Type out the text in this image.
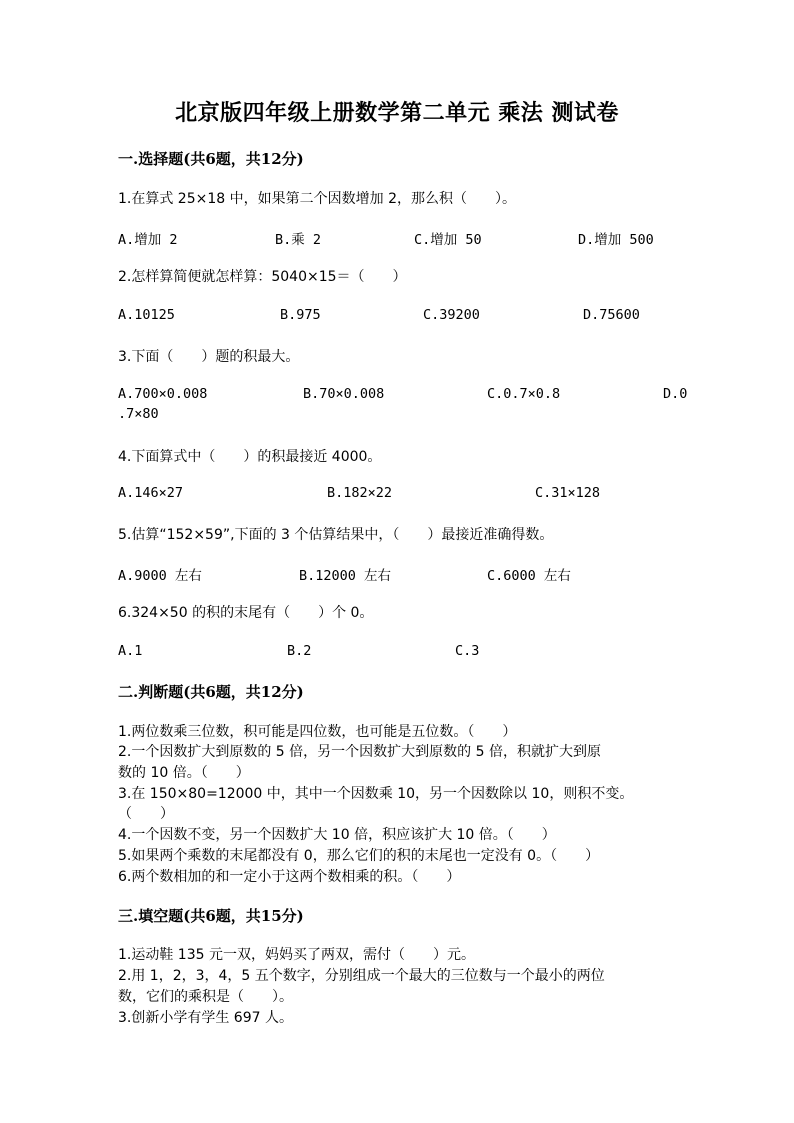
北京版四年级上册数学第二单元 乘法 测试卷
一.选择题(共6题，共12分)
1.在算式 25×18 中，如果第二个因数增加 2，那么积（　　）。
A.增加 2	B.乘 2	C.增加 50	D.增加 500
2.怎样算简便就怎样算：5040×15＝（　　）
A.10125	B.975	C.39200	D.75600
3.下面（　　）题的积最大。
A.700×0.008	B.70×0.008	C.0.7×0.8	D.0
.7×80
4.下面算式中（　　）的积最接近 4000。
A.146×27	B.182×22	C.31×128
5.估算“152×59”,下面的 3 个估算结果中，（　　）最接近准确得数。
A.9000 左右	B.12000 左右	C.6000 左右
6.324×50 的积的末尾有（　　）个 0。
A.1	B.2	C.3
二.判断题(共6题，共12分)
1.两位数乘三位数，积可能是四位数，也可能是五位数。（　　）
2.一个因数扩大到原数的 5 倍，另一个因数扩大到原数的 5 倍，积就扩大到原
数的 10 倍。（　　）
3.在 150×80=12000 中，其中一个因数乘 10，另一个因数除以 10，则积不变。
（　　）
4.一个因数不变，另一个因数扩大 10 倍，积应该扩大 10 倍。（　　）
5.如果两个乘数的末尾都没有 0，那么它们的积的末尾也一定没有 0。（　　）
6.两个数相加的和一定小于这两个数相乘的积。（　　）
三.填空题(共6题，共15分)
1.运动鞋 135 元一双，妈妈买了两双，需付（　　）元。
2.用 1，2，3，4，5 五个数字，分别组成一个最大的三位数与一个最小的两位
数，它们的乘积是（　　）。
3.创新小学有学生 697 人。
